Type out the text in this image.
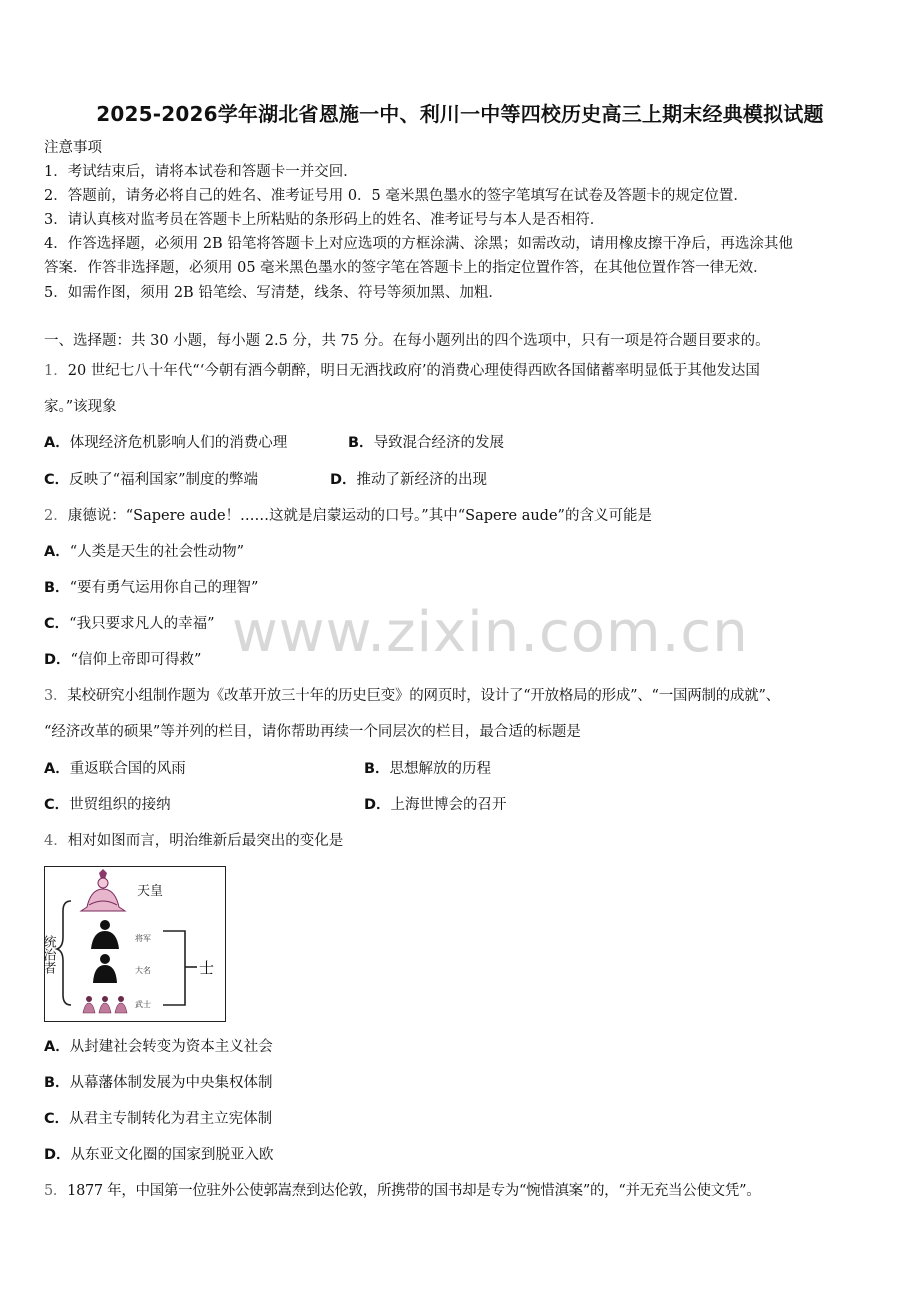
2025-2026学年湖北省恩施一中、利川一中等四校历史高三上期末经典模拟试题
注意事项
1．考试结束后，请将本试卷和答题卡一并交回．
2．答题前，请务必将自己的姓名、准考证号用 0．5 毫米黑色墨水的签字笔填写在试卷及答题卡的规定位置．
3．请认真核对监考员在答题卡上所粘贴的条形码上的姓名、准考证号与本人是否相符．
4．作答选择题，必须用 2B 铅笔将答题卡上对应选项的方框涂满、涂黑；如需改动，请用橡皮擦干净后，再选涂其他
答案．作答非选择题，必须用 05 毫米黑色墨水的签字笔在答题卡上的指定位置作答，在其他位置作答一律无效．
5．如需作图，须用 2B 铅笔绘、写清楚，线条、符号等须加黑、加粗．
一、选择题：共 30 小题，每小题 2.5 分，共 75 分。在每小题列出的四个选项中，只有一项是符合题目要求的。
1．20 世纪七八十年代“‘今朝有酒今朝醉，明日无酒找政府’的消费心理使得西欧各国储蓄率明显低于其他发达国
家。”该现象
A．体现经济危机影响人们的消费心理	B．导致混合经济的发展
C．反映了“福利国家”制度的弊端	D．推动了新经济的出现
2．康德说：“Sapere aude！……这就是启蒙运动的口号。”其中“Sapere aude”的含义可能是
A．“人类是天生的社会性动物”
B．“要有勇气运用你自己的理智”
C．“我只要求凡人的幸福”
D．“信仰上帝即可得救” www.zixin.com.cn
3．某校研究小组制作题为《改革开放三十年的历史巨变》的网页时，设计了“开放格局的形成”、“一国两制的成就”、
“经济改革的硕果”等并列的栏目，请你帮助再续一个同层次的栏目，最合适的标题是
A．重返联合国的风雨	B．思想解放的历程
C．世贸组织的接纳	D．上海世博会的召开
4．相对如图而言，明治维新后最突出的变化是
天皇
统治者	将军
大名
武士
士
A．从封建社会转变为资本主义社会
B．从幕藩体制发展为中央集权体制
C．从君主专制转化为君主立宪体制
D．从东亚文化圈的国家到脱亚入欧
5．1877 年，中国第一位驻外公使郭嵩焘到达伦敦，所携带的国书却是专为“惋惜滇案”的，“并无充当公使文凭”。
